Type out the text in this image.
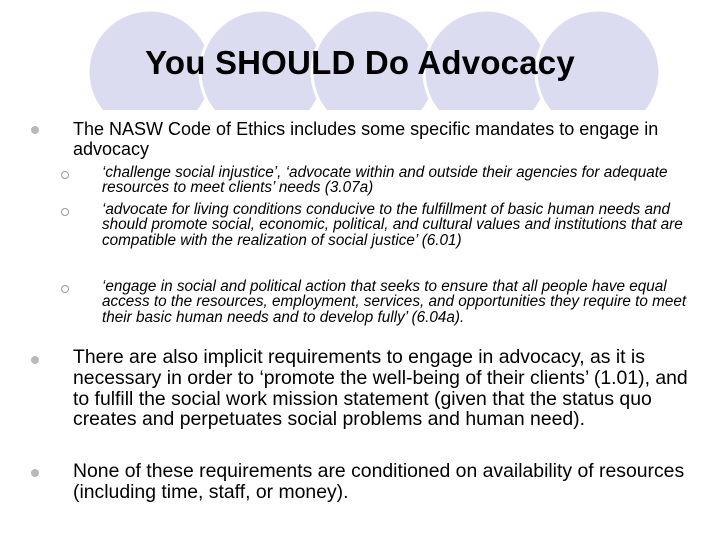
You SHOULD Do Advocacy
The NASW Code of Ethics includes some specific mandates to engage in advocacy
‘challenge social injustice’, ‘advocate within and outside their agencies for adequate resources to meet clients’ needs (3.07a)
‘advocate for living conditions conducive to the fulfillment of basic human needs and should promote social, economic, political, and cultural values and institutions that are compatible with the realization of social justice’ (6.01)
‘engage in social and political action that seeks to ensure that all people have equal access to the resources, employment, services, and opportunities they require to meet their basic human needs and to develop fully’ (6.04a).
There are also implicit requirements to engage in advocacy, as it is necessary in order to ‘promote the well-being of their clients’ (1.01), and to fulfill the social work mission statement (given that the status quo creates and perpetuates social problems and human need).
None of these requirements are conditioned on availability of resources (including time, staff, or money).
